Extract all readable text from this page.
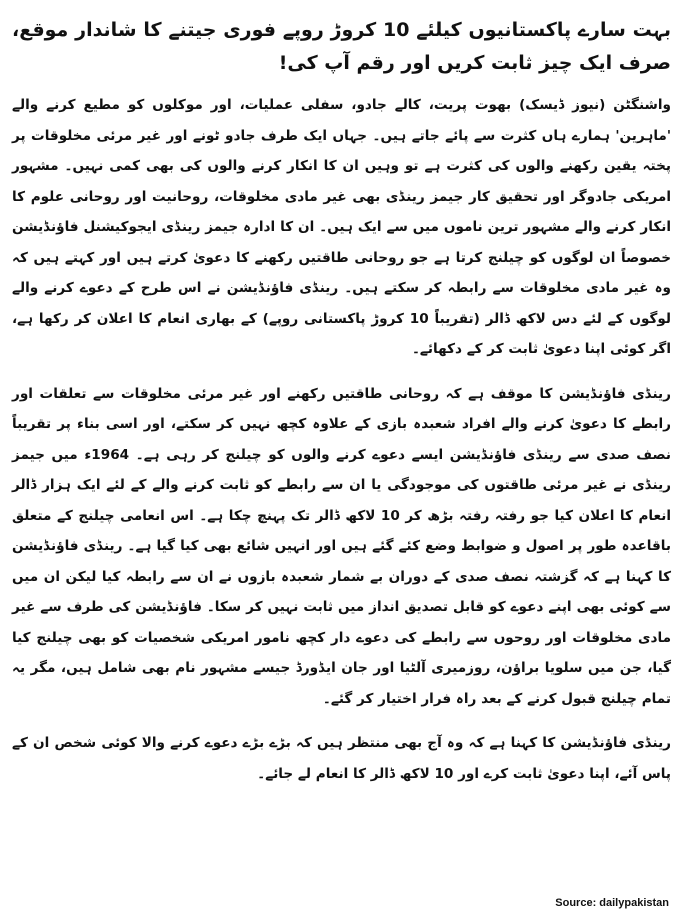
بہت سارے پاکستانیوں کیلئے 10 کروڑ روپے فوری جیتنے کا شاندار موقع، صرف ایک چیز ثابت کریں اور رقم آپ کی!
واشنگٹن (نیوز ڈیسک) بھوت پریت، کالے جادو، سفلی عملیات، اور موکلوں کو مطیع کرنے والے 'ماہرین' ہمارے ہاں کثرت سے پائے جاتے ہیں۔ جہاں ایک طرف جادو ٹونے اور غیر مرئی مخلوقات پر پختہ یقین رکھنے والوں کی کثرت ہے تو وہیں ان کا انکار کرنے والوں کی بھی کمی نہیں۔ مشہور امریکی جادوگر اور تحقیق کار جیمز رینڈی بھی غیر مادی مخلوقات، روحانیت اور روحانی علوم کا انکار کرنے والے مشہور ترین ناموں میں سے ایک ہیں۔ ان کا ادارہ جیمز رینڈی ایجوکیشنل فاؤنڈیشن خصوصاً ان لوگوں کو چیلنج کرتا ہے جو روحانی طاقتیں رکھنے کا دعویٰ کرتے ہیں اور کہتے ہیں کہ وہ غیر مادی مخلوقات سے رابطہ کر سکتے ہیں۔ رینڈی فاؤنڈیشن نے اس طرح کے دعوے کرنے والے لوگوں کے لئے دس لاکھ ڈالر (تقریباً 10 کروڑ پاکستانی روپے) کے بھاری انعام کا اعلان کر رکھا ہے، اگر کوئی اپنا دعویٰ ثابت کر کے دکھائے۔
رینڈی فاؤنڈیشن کا موقف ہے کہ روحانی طاقتیں رکھنے اور غیر مرئی مخلوقات سے تعلقات اور رابطے کا دعویٰ کرنے والے افراد شعبدہ بازی کے علاوہ کچھ نہیں کر سکتے، اور اسی بناء پر تقریباً نصف صدی سے رینڈی فاؤنڈیشن ایسے دعوے کرنے والوں کو چیلنج کر رہی ہے۔ 1964ء میں جیمز رینڈی نے غیر مرئی طاقتوں کی موجودگی یا ان سے رابطے کو ثابت کرنے والے کے لئے ایک ہزار ڈالر انعام کا اعلان کیا جو رفتہ رفتہ بڑھ کر 10 لاکھ ڈالر تک پہنچ چکا ہے۔ اس انعامی چیلنج کے متعلق باقاعدہ طور پر اصول و ضوابط وضع کئے گئے ہیں اور انہیں شائع بھی کیا گیا ہے۔ رینڈی فاؤنڈیشن کا کہنا ہے کہ گزشتہ نصف صدی کے دوران بے شمار شعبدہ بازوں نے ان سے رابطہ کیا لیکن ان میں سے کوئی بھی اپنے دعوے کو قابل تصدیق انداز میں ثابت نہیں کر سکا۔ فاؤنڈیشن کی طرف سے غیر مادی مخلوقات اور روحوں سے رابطے کی دعوے دار کچھ نامور امریکی شخصیات کو بھی چیلنج کیا گیا، جن میں سلویا براؤن، روزمیری آلٹیا اور جان ایڈورڈ جیسے مشہور نام بھی شامل ہیں، مگر یہ تمام چیلنج قبول کرنے کے بعد راہ فرار اختیار کر گئے۔
رینڈی فاؤنڈیشن کا کہنا ہے کہ وہ آج بھی منتظر ہیں کہ بڑے بڑے دعوے کرنے والا کوئی شخص ان کے پاس آئے، اپنا دعویٰ ثابت کرے اور 10 لاکھ ڈالر کا انعام لے جائے۔
Source: dailypakistan
